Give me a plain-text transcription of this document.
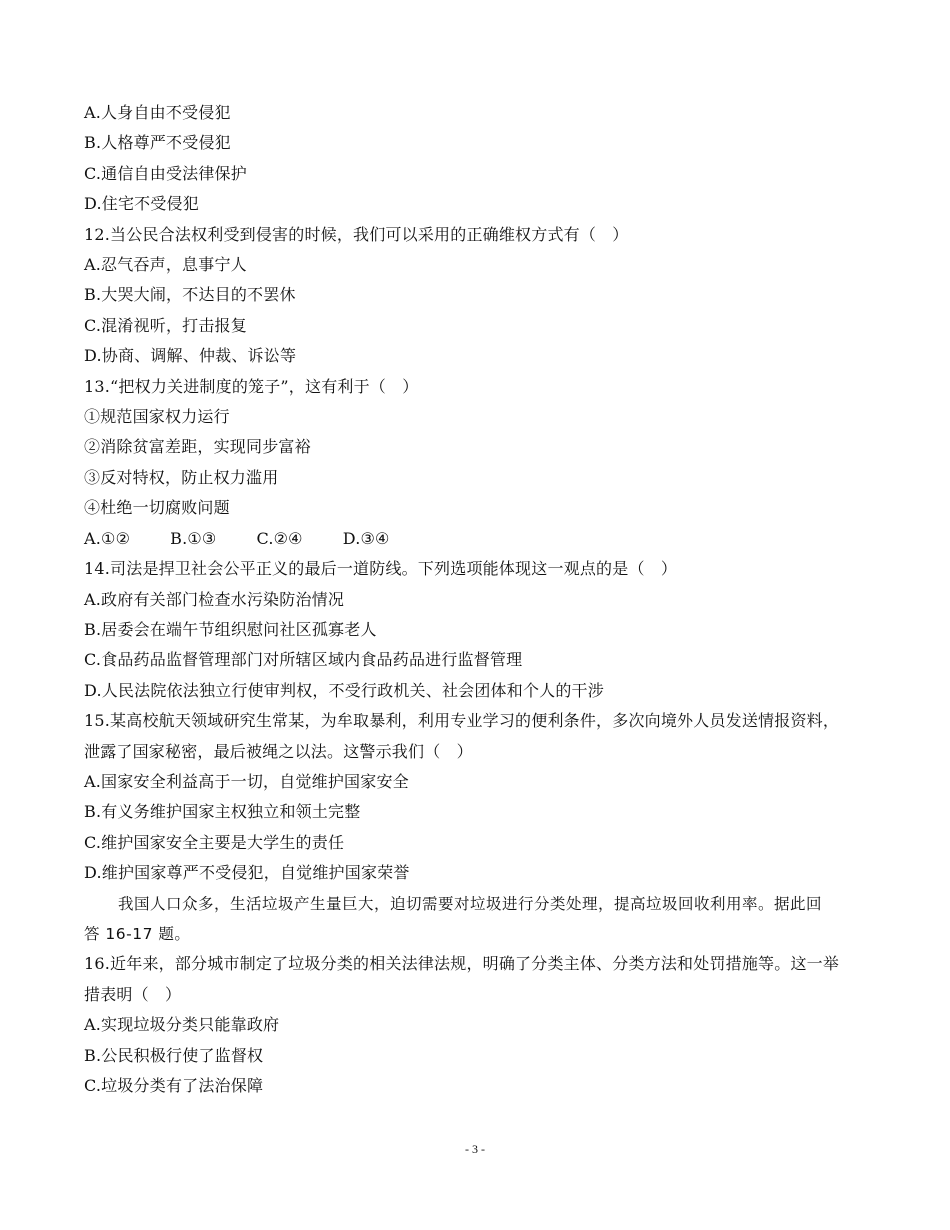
A.人身自由不受侵犯
B.人格尊严不受侵犯
C.通信自由受法律保护
D.住宅不受侵犯
12.当公民合法权利受到侵害的时候，我们可以采用的正确维权方式有（　）
A.忍气吞声，息事宁人
B.大哭大闹，不达目的不罢休
C.混淆视听，打击报复
D.协商、调解、仲裁、诉讼等
13.“把权力关进制度的笼子”，这有利于（　）
①规范国家权力运行
②消除贫富差距，实现同步富裕
③反对特权，防止权力滥用
④杜绝一切腐败问题
A.①②	B.①③	C.②④	D.③④
14.司法是捍卫社会公平正义的最后一道防线。下列选项能体现这一观点的是（　）
A.政府有关部门检查水污染防治情况
B.居委会在端午节组织慰问社区孤寡老人
C.食品药品监督管理部门对所辖区域内食品药品进行监督管理
D.人民法院依法独立行使审判权，不受行政机关、社会团体和个人的干涉
15.某高校航天领域研究生常某，为牟取暴利，利用专业学习的便利条件，多次向境外人员发送情报资料，
泄露了国家秘密，最后被绳之以法。这警示我们（　）
A.国家安全利益高于一切，自觉维护国家安全
B.有义务维护国家主权独立和领土完整
C.维护国家安全主要是大学生的责任
D.维护国家尊严不受侵犯，自觉维护国家荣誉
我国人口众多，生活垃圾产生量巨大，迫切需要对垃圾进行分类处理，提高垃圾回收利用率。据此回
答 16-17 题。
16.近年来，部分城市制定了垃圾分类的相关法律法规，明确了分类主体、分类方法和处罚措施等。这一举
措表明（　）
A.实现垃圾分类只能靠政府
B.公民积极行使了监督权
C.垃圾分类有了法治保障
- 3 -
